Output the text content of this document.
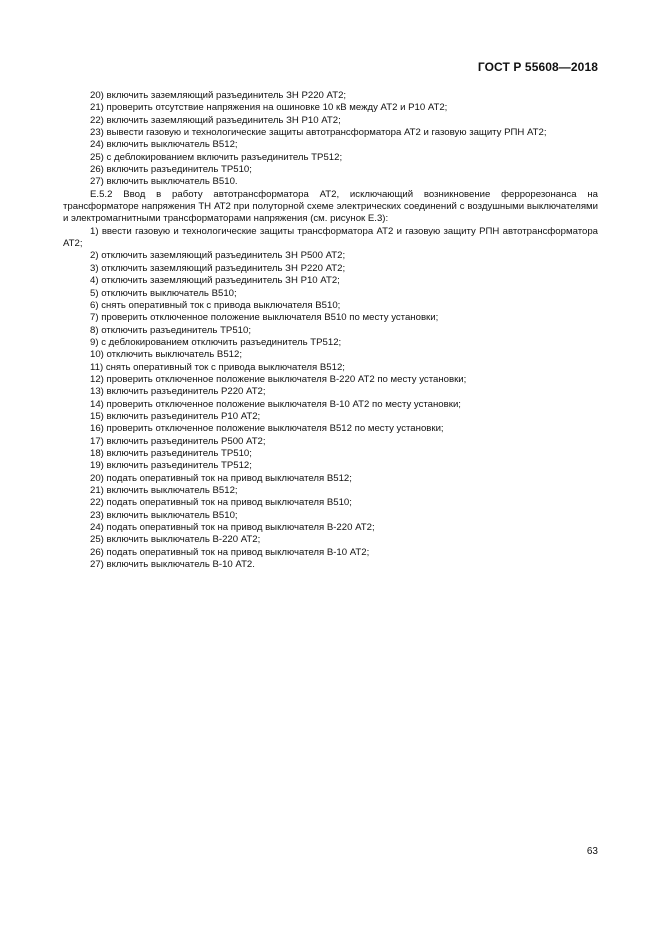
ГОСТ Р 55608—2018

20) включить заземляющий разъединитель ЗН Р220 АТ2;

21) проверить отсутствие напряжения на ошиновке 10 кВ между АТ2 и Р10 АТ2;

22) включить заземляющий разъединитель ЗН Р10 АТ2;

23) вывести газовую и технологические защиты автотрансформатора АТ2 и газовую защиту РПН АТ2;

24) включить выключатель В512;

25) с деблокированием включить разъединитель ТР512;

26) включить разъединитель ТР510;

27) включить выключатель В510.

Е.5.2 Ввод в работу автотрансформатора АТ2, исключающий возникновение феррорезонанса на трансформаторе напряжения ТН АТ2 при полуторной схеме электрических соединений с воздушными выключателями и электромагнитными трансформаторами напряжения (см. рисунок Е.3):

1) ввести газовую и технологические защиты трансформатора АТ2 и газовую защиту РПН автотрансформатора АТ2;

2) отключить заземляющий разъединитель ЗН Р500 АТ2;

3) отключить заземляющий разъединитель ЗН Р220 АТ2;

4) отключить заземляющий разъединитель ЗН Р10 АТ2;

5) отключить выключатель В510;

6) снять оперативный ток с привода выключателя В510;

7) проверить отключенное положение выключателя В510 по месту установки;

8) отключить разъединитель ТР510;

9) с деблокированием отключить разъединитель ТР512;

10) отключить выключатель В512;

11) снять оперативный ток с привода выключателя В512;

12) проверить отключенное положение выключателя В-220 АТ2 по месту установки;

13) включить разъединитель Р220 АТ2;

14) проверить отключенное положение выключателя В-10 АТ2 по месту установки;

15) включить разъединитель Р10 АТ2;

16) проверить отключенное положение выключателя В512 по месту установки;

17) включить разъединитель Р500 АТ2;

18) включить разъединитель ТР510;

19) включить разъединитель ТР512;

20) подать оперативный ток на привод выключателя В512;

21) включить выключатель В512;

22) подать оперативный ток на привод выключателя В510;

23) включить выключатель В510;

24) подать оперативный ток на привод выключателя В-220 АТ2;

25) включить выключатель В-220 АТ2;

26) подать оперативный ток на привод выключателя В-10 АТ2;

27) включить выключатель В-10 АТ2.

63
